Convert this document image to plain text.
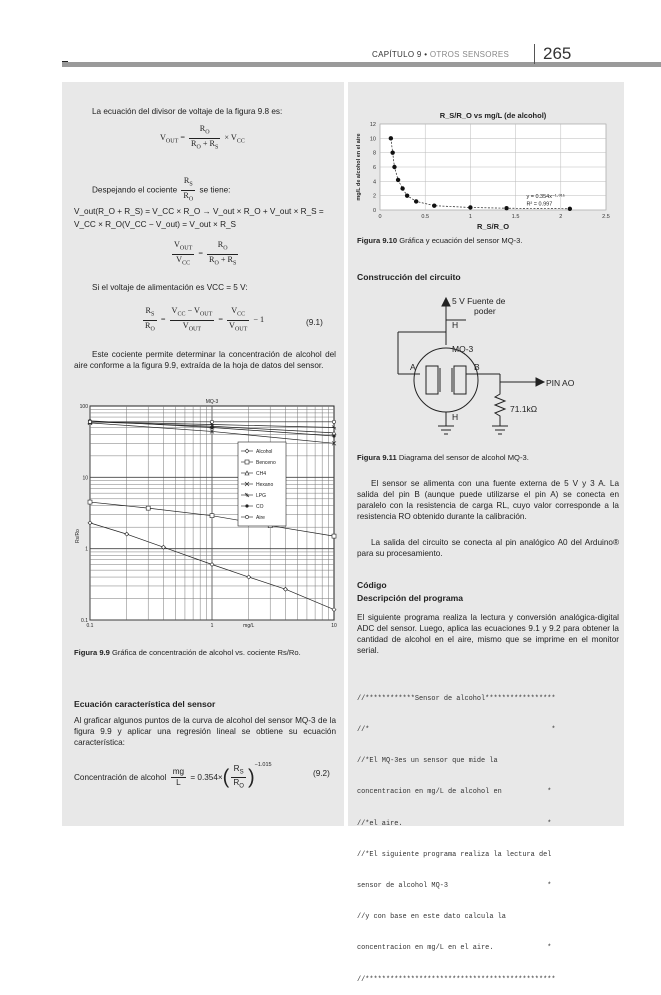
CAPÍTULO 9 • OTROS SENSORES 265
La ecuación del divisor de voltaje de la figura 9.8 es:
$V_{OUT} = \frac{R_O}{R_O + R_S} \times V_{CC}$
Despejando el cociente $\frac{R_S}{R_O}$ se tiene:
V_out(R_O + R_S) = V_CC × R_O → V_out × R_O + V_out × R_S =
V_CC × R_O(V_CC − V_out) = V_out × R_S
$\frac{V_{OUT}}{V_{CC}} = \frac{R_O}{R_O + R_S}$
Si el voltaje de alimentación es VCC = 5 V:
$\frac{R_S}{R_O} = \frac{V_{CC} - V_{OUT}}{V_{OUT}} = \frac{V_{CC}}{V_{OUT}} - 1$	(9.1)
Este cociente permite determinar la concentración de alcohol del aire conforme a la figura 9.9, extraída de la hoja de datos del sensor.
MQ-3
100
10
1
0.1
0.1	1	10
mg/L
Rs/Ro
Alcohol
Benceno
CH4
Hexano
LPG
CO
Aire
Figura 9.9 Gráfica de concentración de alcohol vs. cociente Rs/Ro.
Ecuación característica del sensor
Al graficar algunos puntos de la curva de alcohol del sensor MQ-3 de la figura 9.9 y aplicar una regresión lineal se obtiene su ecuación característica:
Concentración de alcohol $\frac{mg}{L} = 0.354\times( \frac{R_S}{R_O} )^{-1.015}$
(9.2)
0	0.5	1	1.5	2	2.5
0
2
4
6
8
10
12
R_S/R_O vs mg/L (de alcohol)
R_S/R_O
mg/L de alcohol en el aire	y = 0.354x⁻¹·⁰¹⁵
R² = 0.997
Figura 9.10 Gráfica y ecuación del sensor MQ-3.
Construcción del circuito
5 V Fuente de
poder
H
MQ-3
A	B
PIN AO
71.1kΩ
H
Figura 9.11 Diagrama del sensor de alcohol MQ-3.
El sensor se alimenta con una fuente externa de 5 V y 3 A. La salida del pin B (aunque puede utilizarse el pin A) se conecta en paralelo con la resistencia de carga RL, cuyo valor corresponde a la resistencia RO obtenido durante la calibración.
La salida del circuito se conecta al pin analógico A0 del Arduino® para su procesamiento.
Código
Descripción del programa
El siguiente programa realiza la lectura y conversión analógica-digital ADC del sensor. Luego, aplica las ecuaciones 9.1 y 9.2 para obtener la cantidad de alcohol en el aire, mismo que se imprime en el monitor serial.

//************Sensor de alcohol*****************

//*                                            *

//*El MQ-3es un sensor que mide la

concentracion en mg/L de alcohol en           *

//*el aire.                                   *

//*El siguiente programa realiza la lectura del

sensor de alcohol MQ-3                        *

//y con base en este dato calcula la

concentracion en mg/L en el aire.             *

//**********************************************
